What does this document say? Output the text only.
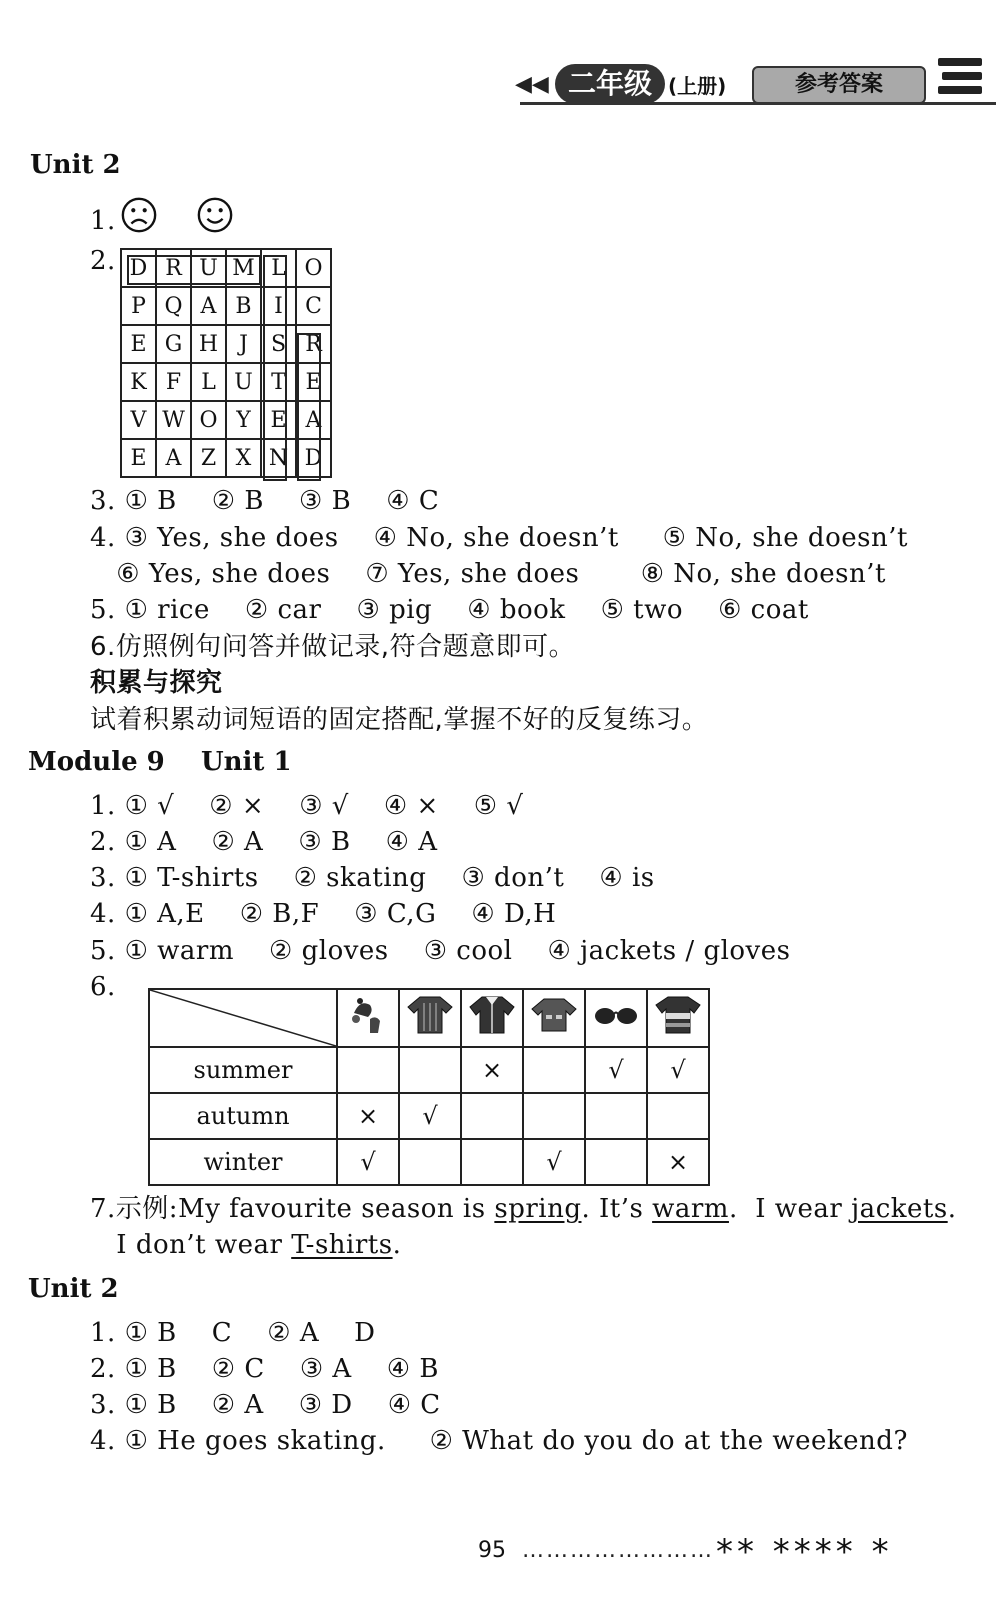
◀◀ 二年级 (上册)	参考答案
Unit 2
1.
2. D	R	U	M	L	O
P	Q	A	B	I	C
E	G	H	J	S	R
K	F	L	U	T	E
V	W	O	Y	E	A
E	A	Z	X	N	D
3. ① B    ② B    ③ B    ④ C
4. ③ Yes, she does    ④ No, she doesn’t     ⑤ No, she doesn’t
⑥ Yes, she does    ⑦ Yes, she does       ⑧ No, she doesn’t
5. ① rice    ② car    ③ pig    ④ book    ⑤ two    ⑥ coat
6.仿照例句问答并做记录,符合题意即可。
积累与探究
试着积累动词短语的固定搭配,掌握不好的反复练习。
Module 9    Unit 1
1. ① √    ② ×    ③ √    ④ ×    ⑤ √
2. ① A    ② A    ③ B    ④ A
3. ① T-shirts    ② skating    ③ don’t    ④ is
4. ① A,E    ② B,F    ③ C,G    ④ D,H
5. ① warm    ② gloves    ③ cool    ④ jackets / gloves
6.

summer			×		√	√
autumn	×	√				
winter	√			√		×
7.示例:My favourite season is spring. It’s warm.  I wear jackets.
I don’t wear T-shirts.
Unit 2
1. ① B    C    ② A    D
2. ① B    ② C    ③ A    ④ B
3. ① B    ② A    ③ D    ④ C
4. ① He goes skating.     ② What do you do at the weekend?
95 …………………… ** **** *
